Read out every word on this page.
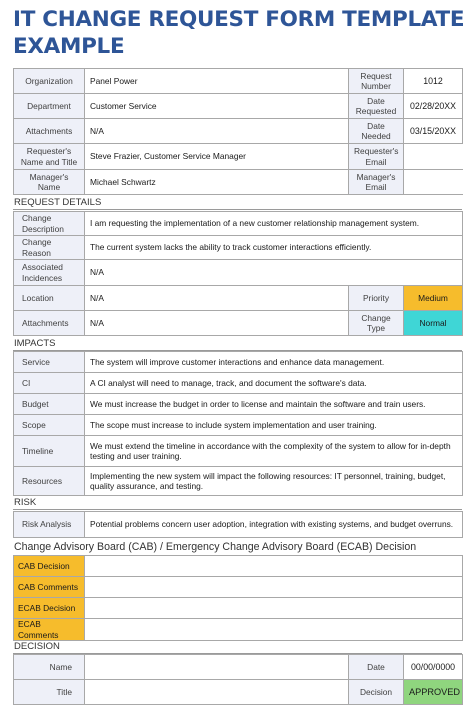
IT CHANGE REQUEST FORM TEMPLATE
EXAMPLE
Organization	Panel Power	Request Number	1012
Department	Customer Service	Date Requested	02/28/20XX
Attachments	N/A	Date Needed	03/15/20XX
Requester's Name and Title	Steve Frazier, Customer Service Manager	Requester's Email	
Manager's Name	Michael Schwartz	Manager's Email	
REQUEST DETAILS
Change Description	I am requesting the implementation of a new customer relationship management system.		
Change Reason	The current system lacks the ability to track customer interactions efficiently.		
Associated Incidences	N/A		
Location	N/A	Priority	Medium
Attachments	N/A	Change Type	Normal
IMPACTS
Service	The system will improve customer interactions and enhance data management.
CI	A CI analyst will need to manage, track, and document the software's data.
Budget	We must increase the budget in order to license and maintain the software and train users.
Scope	The scope must increase to include system implementation and user training.
Timeline	We must extend the timeline in accordance with the complexity of the system to allow for in-depth testing and user training.
Resources	Implementing the new system will impact the following resources: IT personnel, training, budget, quality assurance, and testing.
RISK
Risk Analysis	Potential problems concern user adoption, integration with existing systems, and budget overruns.
Change Advisory Board (CAB) / Emergency Change Advisory Board (ECAB) Decision
CAB Decision	
CAB Comments	
ECAB Decision	
ECAB Comments	
DECISION
Name		Date	00/00/0000
Title		Decision	APPROVED
